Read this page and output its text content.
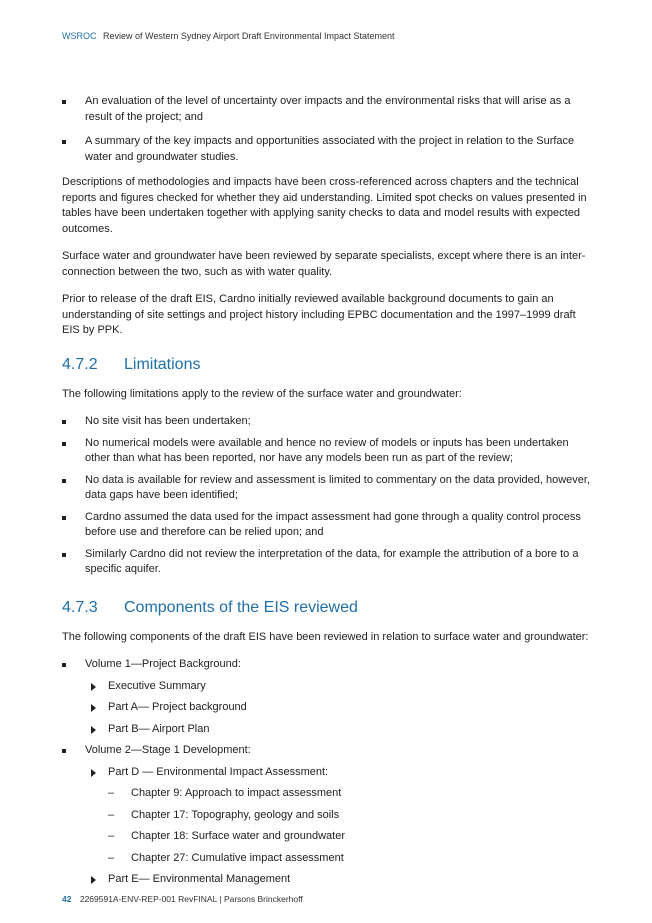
WSROC Review of Western Sydney Airport Draft Environmental Impact Statement
An evaluation of the level of uncertainty over impacts and the environmental risks that will arise as a result of the project; and
A summary of the key impacts and opportunities associated with the project in relation to the Surface water and groundwater studies.

Descriptions of methodologies and impacts have been cross-referenced across chapters and the technical reports and figures checked for whether they aid understanding. Limited spot checks on values presented in tables have been undertaken together with applying sanity checks to data and model results with expected outcomes.

Surface water and groundwater have been reviewed by separate specialists, except where there is an inter-connection between the two, such as with water quality.

Prior to release of the draft EIS, Cardno initially reviewed available background documents to gain an understanding of site settings and project history including EPBC documentation and the 1997–1999 draft EIS by PPK.

4.7.2 Limitations

The following limitations apply to the review of the surface water and groundwater:

No site visit has been undertaken;
No numerical models were available and hence no review of models or inputs has been undertaken other than what has been reported, nor have any models been run as part of the review;
No data is available for review and assessment is limited to commentary on the data provided, however, data gaps have been identified;
Cardno assumed the data used for the impact assessment had gone through a quality control process before use and therefore can be relied upon; and
Similarly Cardno did not review the interpretation of the data, for example the attribution of a bore to a specific aquifer.
4.7.3 Components of the EIS reviewed

The following components of the draft EIS have been reviewed in relation to surface water and groundwater:

Volume 1—Project Background:
Executive Summary
Part A— Project background
Part B— Airport Plan
Volume 2—Stage 1 Development:
Part D — Environmental Impact Assessment:
– Chapter 9: Approach to impact assessment
– Chapter 17: Topography, geology and soils
– Chapter 18: Surface water and groundwater
– Chapter 27: Cumulative impact assessment
Part E— Environmental Management
42 2269591A-ENV-REP-001 RevFINAL | Parsons Brinckerhoff
